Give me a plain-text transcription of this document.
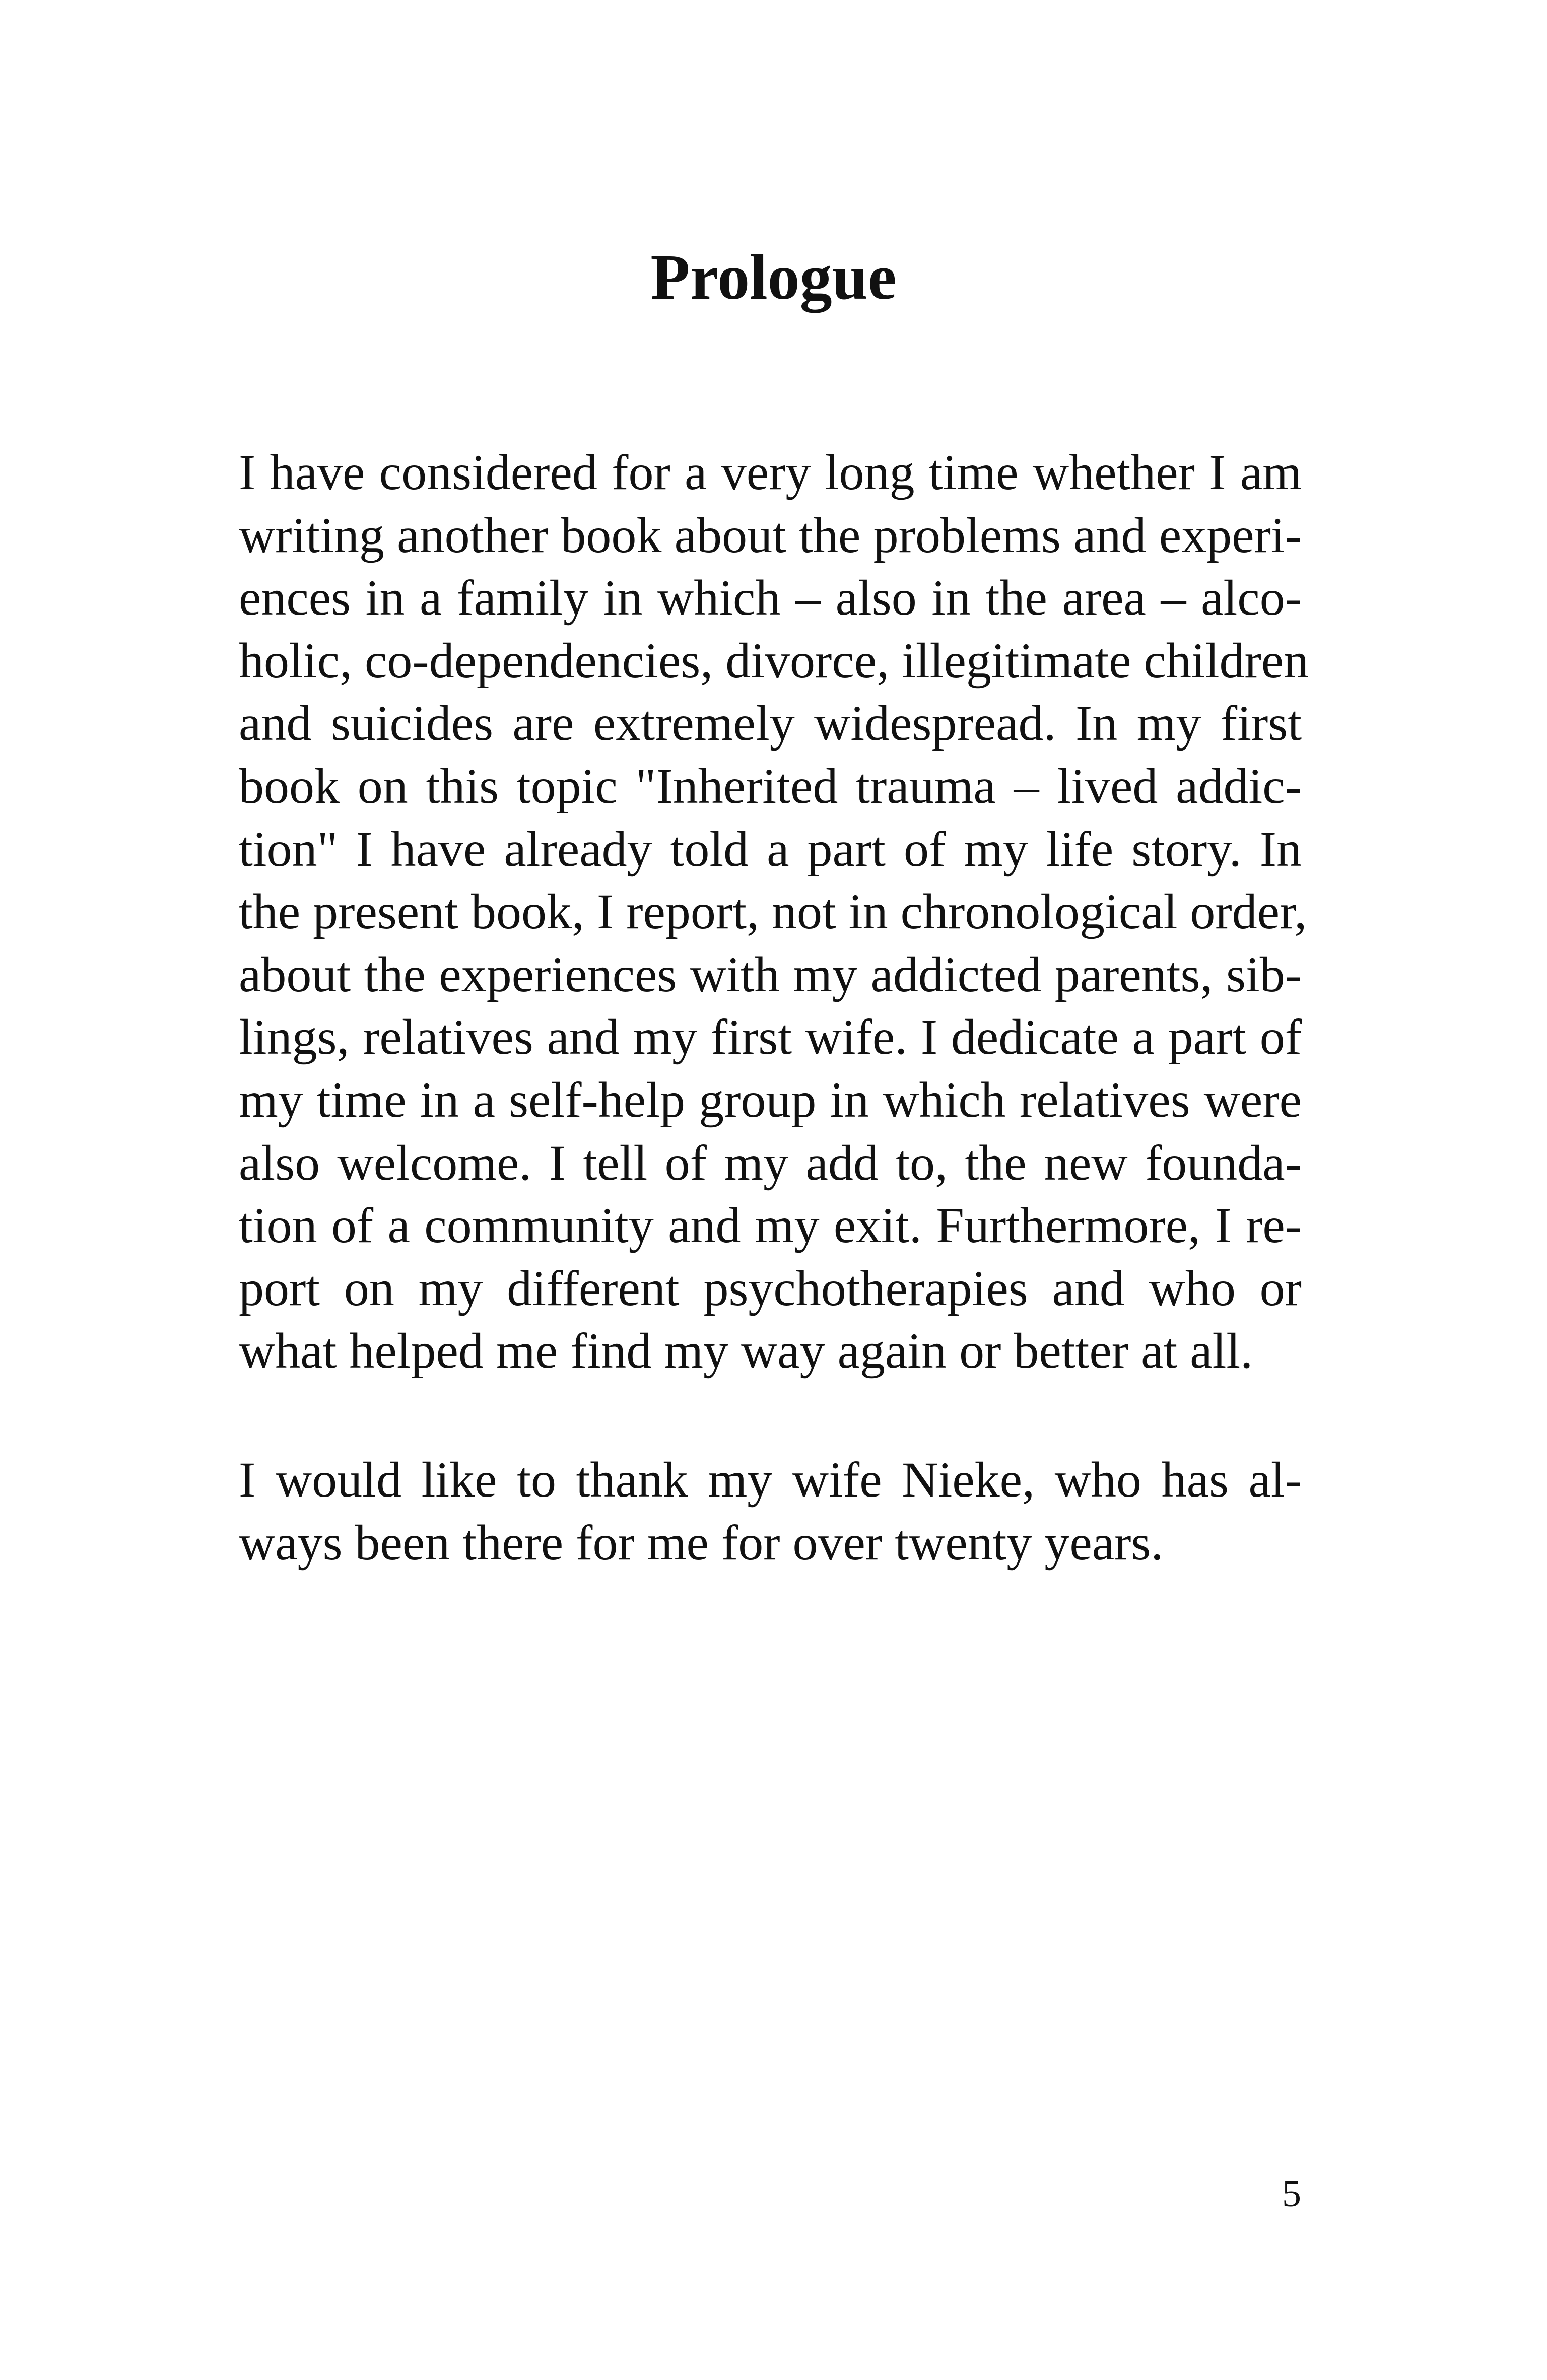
Prologue
I have considered for a very long time whether I am
writing another book about the problems and experi-
ences in a family in which – also in the area – alco-
holic, co-dependencies, divorce, illegitimate children
and suicides are extremely widespread. In my first
book on this topic "Inherited trauma – lived addic-
tion" I have already told a part of my life story. In
the present book, I report, not in chronological order,
about the experiences with my addicted parents, sib-
lings, relatives and my first wife. I dedicate a part of
my time in a self-help group in which relatives were
also welcome. I tell of my add to, the new founda-
tion of a community and my exit. Furthermore, I re-
port on my different psychotherapies and who or
what helped me find my way again or better at all.
I would like to thank my wife Nieke, who has al-
ways been there for me for over twenty years.
5
